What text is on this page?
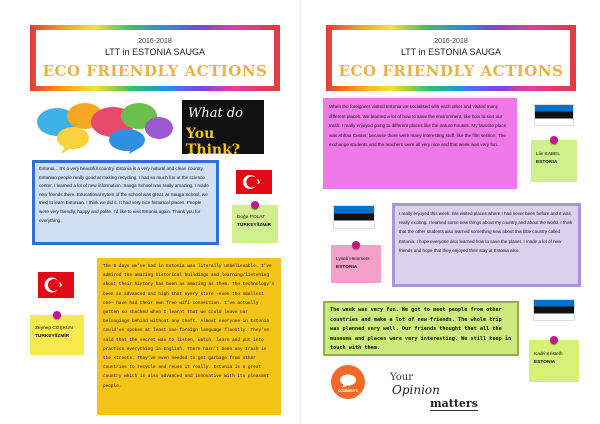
2016-2018
LTT in ESTONIA SAUGA
ECO FRIENDLY ACTIONS
What do
You Think?
Estonia... It’s a very beautiful country. Estonia is a very natural and clean country. Estonian people really good at making recycling. I had so much fun at the science center. I learned a lot of new information. Sauga School was really amazing. I made new friends there. Educational sytem of the school was great. At Sauga School, we tried to learn Estonian. I think we did it. It had very nice historical places. People were very friendly, happy and polite. I’d like to visit Estonia again. Thank you for everything.
Doğa POLAT
TURKEY/İZMİR
The 6 days we’ve had in Estonia was literally unbelievable. I’ve admired the amazing historical buildings and learning/listening about their history has been as amazing as them. The technology’s been so advanced and high that every store –even the smallest one– have had their own free wifi connection. I’ve actually gotten so shocked when I learnt that we could leave our belongings behind without any theft. Almost everyone in Estonia could’ve spoken at least one foreign language fluently. They’ve said that the secret was to listen, watch, learn and put into practice everything in English. There hasn’t been any trash in the streets. They’ve even needed to get garbage from other countries to recycle and reuse it really. Estonia is a great country which is also advanced and innovative with its pleasant people.
Zeynep COŞKUN
TURKEY/İZMİR
2016-2018
LTT in ESTONIA SAUGA
ECO FRIENDLY ACTIONS
When the foreigners visited Estonia we socialised with each other and visited many different places. We learned a lot of how to save the environment, like how to sort our trash. I really enjoyed going to different places like the nature houses. My favorite place was Ahhaa Center, because there were many interesting stuff, like the film section. The exchange students and the teachers were all very nice and that week was very fun.
Liis KABEL
ESTONIA
Lyseli Heinmets
ESTONIA
I really enjoyed this week. We visited places where I had never been before and it was really exciting. I learned some new things about my country and about the world. I think that the other students also learned something new about this little country called Estonia. I hope everyone also learned how to save the planet. I made a lot of new friends and hope that they enjoyed their stay at Estonia also.
The week was very fun. We got to meet people from other countries and make a lot of new friends. The whole trip was planned very well. Our friends thought that all the museums and places were very interesting. We still keep in touch with them.
Kadri Kristelh
ESTONIA
COMMENTS
Your
Opinion
matters
